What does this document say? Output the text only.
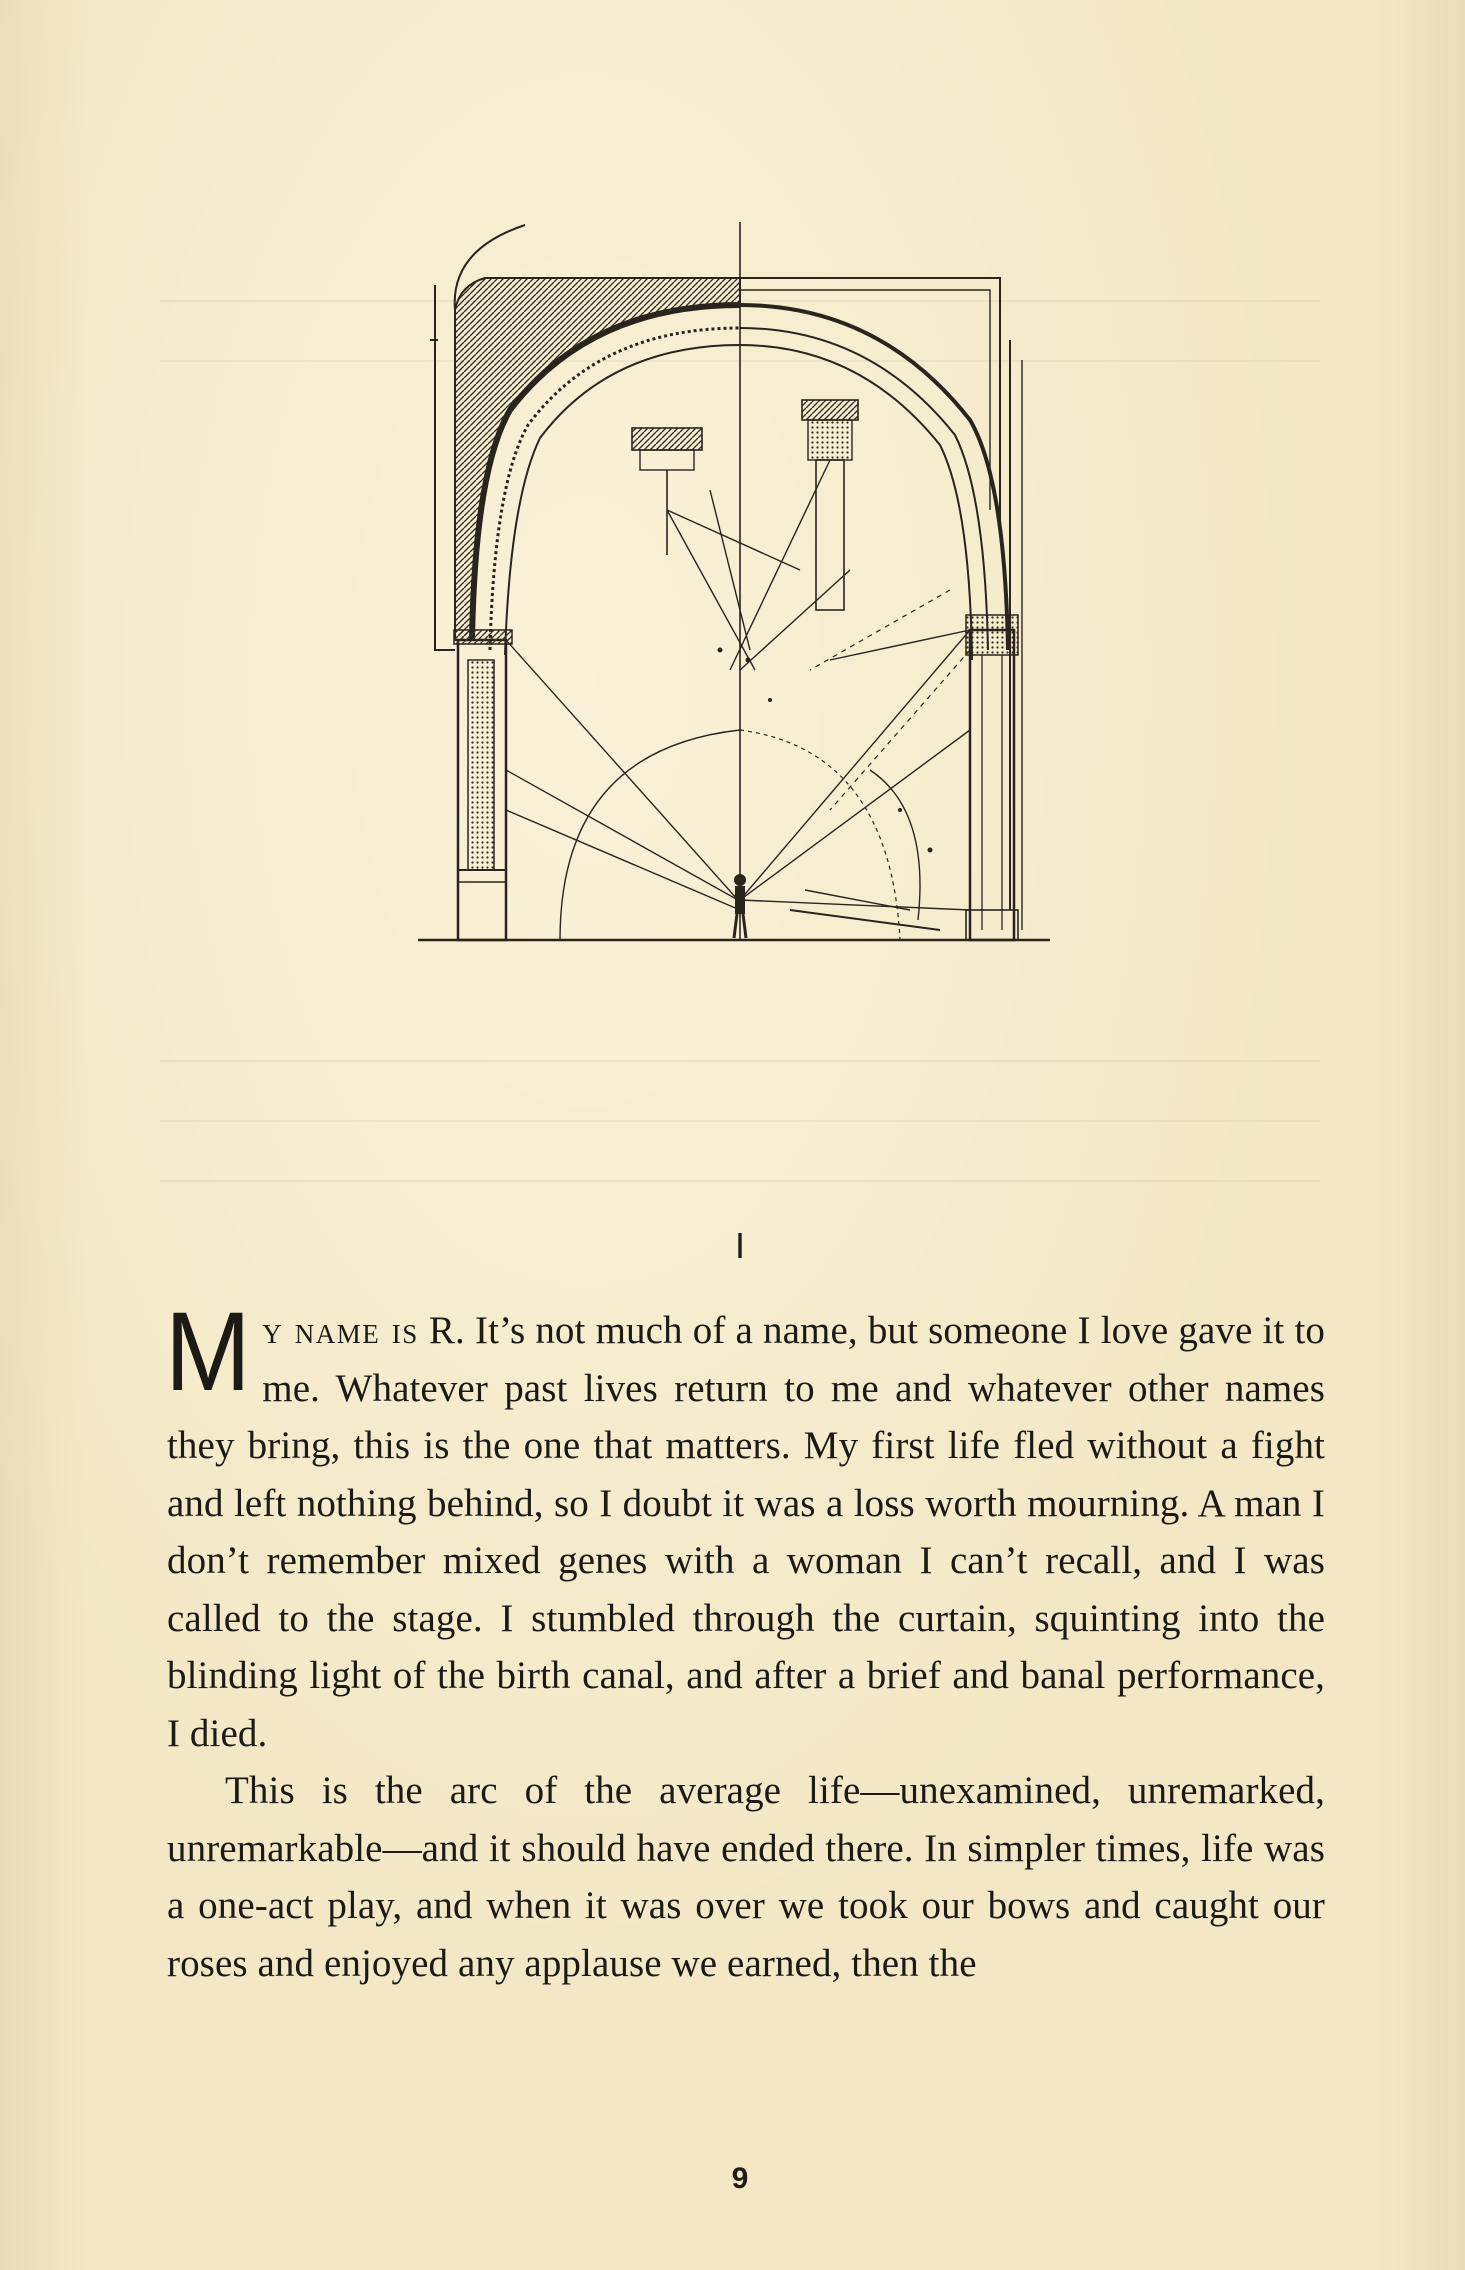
I

My name is R. It’s not much of a name, but someone I love gave it to me. Whatever past lives return to me and whatever other names they bring, this is the one that matters. My first life fled without a fight and left nothing behind, so I doubt it was a loss worth mourning. A man I don’t remember mixed genes with a woman I can’t recall, and I was called to the stage. I stumbled through the curtain, squinting into the blinding light of the birth canal, and after a brief and banal performance, I died.

This is the arc of the average life—unexamined, unremarked, unremarkable—and it should have ended there. In simpler times, life was a one-act play, and when it was over we took our bows and caught our roses and enjoyed any applause we earned, then the

9
